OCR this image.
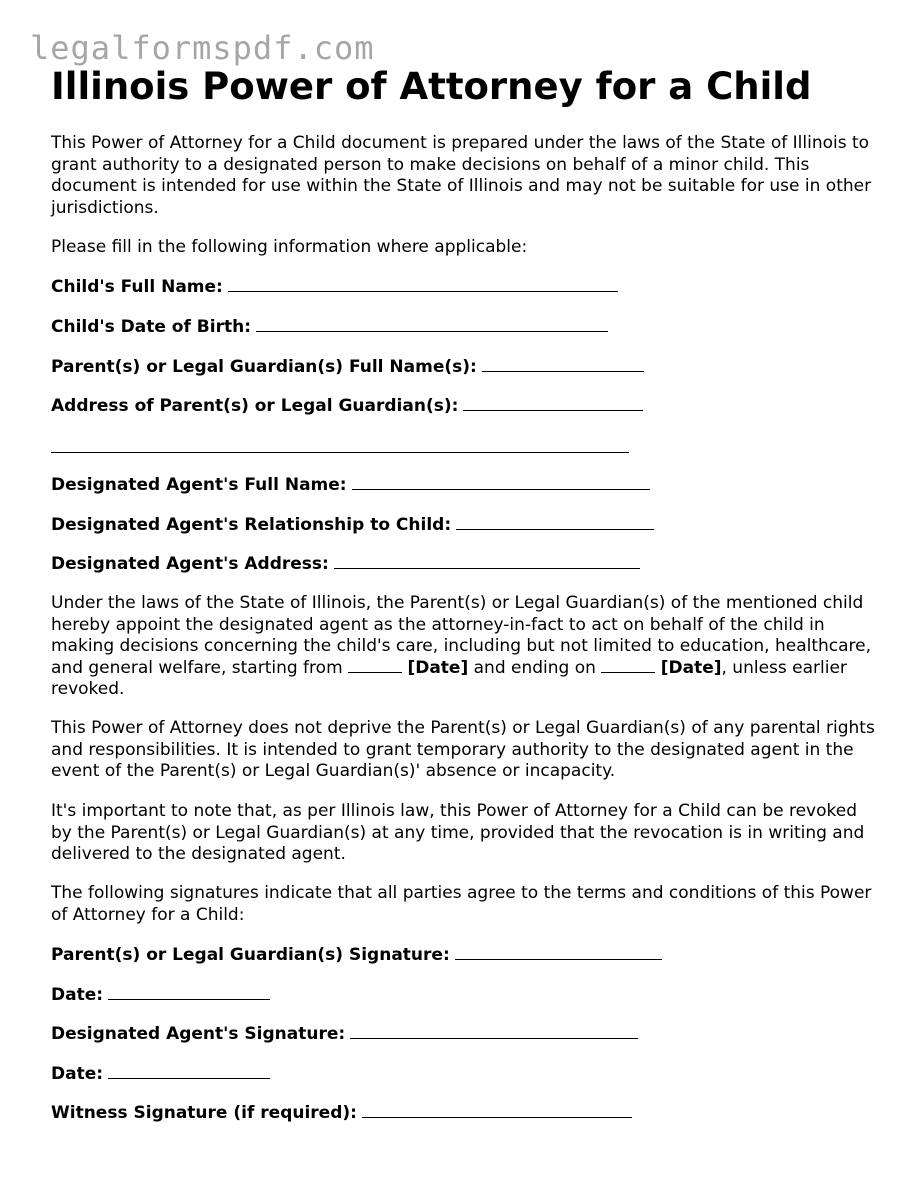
legalformspdf.com
Illinois Power of Attorney for a Child

This Power of Attorney for a Child document is prepared under the laws of the State of Illinois to grant authority to a designated person to make decisions on behalf of a minor child. This document is intended for use within the State of Illinois and may not be suitable for use in other jurisdictions.

Please fill in the following information where applicable:

Child's Full Name:
Child's Date of Birth:
Parent(s) or Legal Guardian(s) Full Name(s):
Address of Parent(s) or Legal Guardian(s):
Designated Agent's Full Name:
Designated Agent's Relationship to Child:
Designated Agent's Address:

Under the laws of the State of Illinois, the Parent(s) or Legal Guardian(s) of the mentioned child hereby appoint the designated agent as the attorney-in-fact to act on behalf of the child in making decisions concerning the child's care, including but not limited to education, healthcare, and general welfare, starting from	[Date] and ending on	[Date], unless earlier revoked.

This Power of Attorney does not deprive the Parent(s) or Legal Guardian(s) of any parental rights and responsibilities. It is intended to grant temporary authority to the designated agent in the event of the Parent(s) or Legal Guardian(s)' absence or incapacity.

It's important to note that, as per Illinois law, this Power of Attorney for a Child can be revoked by the Parent(s) or Legal Guardian(s) at any time, provided that the revocation is in writing and delivered to the designated agent.

The following signatures indicate that all parties agree to the terms and conditions of this Power of Attorney for a Child:

Parent(s) or Legal Guardian(s) Signature:
Date:
Designated Agent's Signature:
Date:
Witness Signature (if required):
